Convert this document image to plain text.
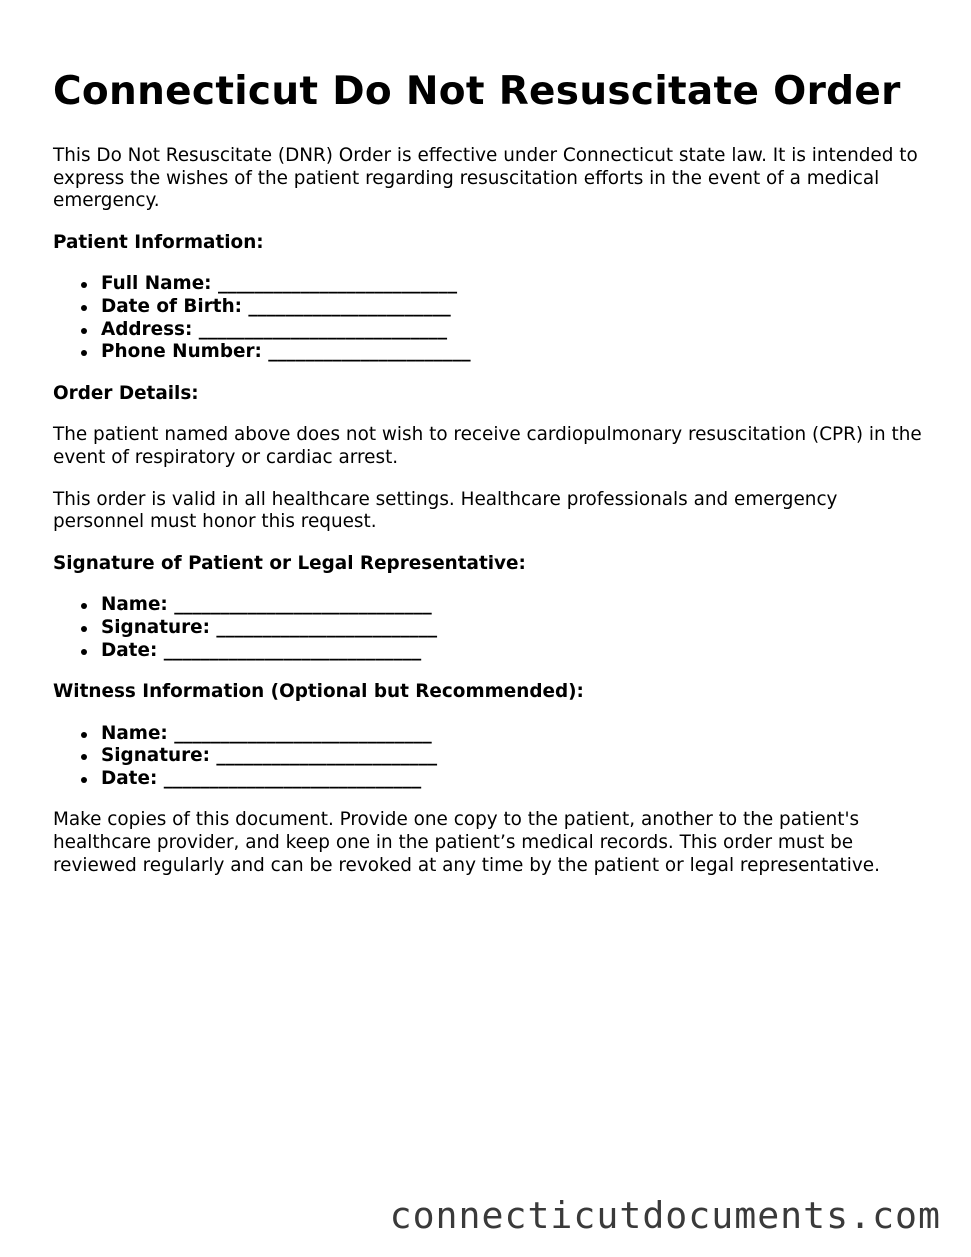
Connecticut Do Not Resuscitate Order

This Do Not Resuscitate (DNR) Order is effective under Connecticut state law. It is intended to express the wishes of the patient regarding resuscitation efforts in the event of a medical emergency.

Patient Information:
Full Name: __________________________
Date of Birth: ______________________
Address: ___________________________
Phone Number: ______________________
Order Details:

The patient named above does not wish to receive cardiopulmonary resuscitation (CPR) in the event of respiratory or cardiac arrest.

This order is valid in all healthcare settings. Healthcare professionals and emergency personnel must honor this request.

Signature of Patient or Legal Representative:
Name: ____________________________
Signature: ________________________
Date: ____________________________
Witness Information (Optional but Recommended):
Name: ____________________________
Signature: ________________________
Date: ____________________________

Make copies of this document. Provide one copy to the patient, another to the patient's healthcare provider, and keep one in the patient’s medical records. This order must be reviewed regularly and can be revoked at any time by the patient or legal representative.

connecticutdocuments.com
